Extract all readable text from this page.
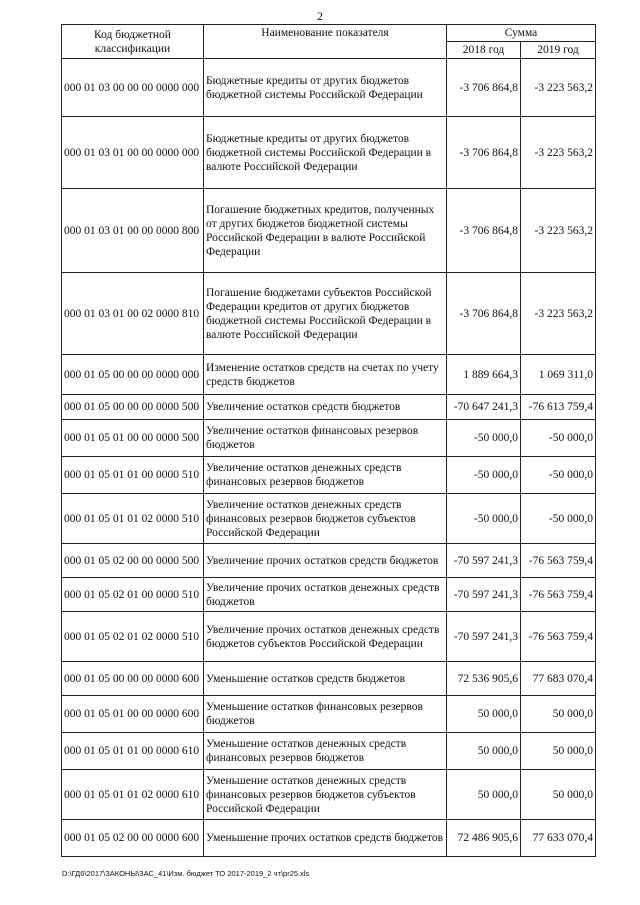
2
Код бюджетной классификации	Наименование показателя	Сумма	
		2018 год	2019 год
000 01 03 00 00 00 0000 000	Бюджетные кредиты от других бюджетов бюджетной системы Российской Федерации	-3 706 864,8	-3 223 563,2
000 01 03 01 00 00 0000 000	Бюджетные кредиты от других бюджетов бюджетной системы Российской Федерации в валюте Российской Федерации	-3 706 864,8	-3 223 563,2
000 01 03 01 00 00 0000 800	Погашение бюджетных кредитов, полученных от других бюджетов бюджетной системы Российской Федерации в валюте Российской Федерации	-3 706 864,8	-3 223 563,2
000 01 03 01 00 02 0000 810	Погашение бюджетами субъектов Российской Федерации кредитов от других бюджетов бюджетной системы Российской Федерации в валюте Российской Федерации	-3 706 864,8	-3 223 563,2
000 01 05 00 00 00 0000 000	Изменение остатков средств на счетах по учету средств бюджетов	1 889 664,3	1 069 311,0
000 01 05 00 00 00 0000 500	Увеличение остатков средств бюджетов	-70 647 241,3	-76 613 759,4
000 01 05 01 00 00 0000 500	Увеличение остатков финансовых резервов бюджетов	-50 000,0	-50 000,0
000 01 05 01 01 00 0000 510	Увеличение остатков денежных средств финансовых резервов бюджетов	-50 000,0	-50 000,0
000 01 05 01 01 02 0000 510	Увеличение остатков денежных средств финансовых резервов бюджетов субъектов Российской Федерации	-50 000,0	-50 000,0
000 01 05 02 00 00 0000 500	Увеличение прочих остатков средств бюджетов	-70 597 241,3	-76 563 759,4
000 01 05 02 01 00 0000 510	Увеличение прочих остатков денежных средств бюджетов	-70 597 241,3	-76 563 759,4
000 01 05 02 01 02 0000 510	Увеличение прочих остатков денежных средств бюджетов субъектов Российской Федерации	-70 597 241,3	-76 563 759,4
000 01 05 00 00 00 0000 600	Уменьшение остатков средств бюджетов	72 536 905,6	77 683 070,4
000 01 05 01 00 00 0000 600	Уменьшение остатков финансовых резервов бюджетов	50 000,0	50 000,0
000 01 05 01 01 00 0000 610	Уменьшение остатков денежных средств финансовых резервов бюджетов	50 000,0	50 000,0
000 01 05 01 01 02 0000 610	Уменьшение остатков денежных средств финансовых резервов бюджетов субъектов Российской Федерации	50 000,0	50 000,0
000 01 05 02 00 00 0000 600	Уменьшение прочих остатков средств бюджетов	72 486 905,6	77 633 070,4
D:\ГД6\2017\ЗАКОНЫ\ЗАС_41\Изм. бюджет ТО 2017-2019_2 чт\pr25.xls
